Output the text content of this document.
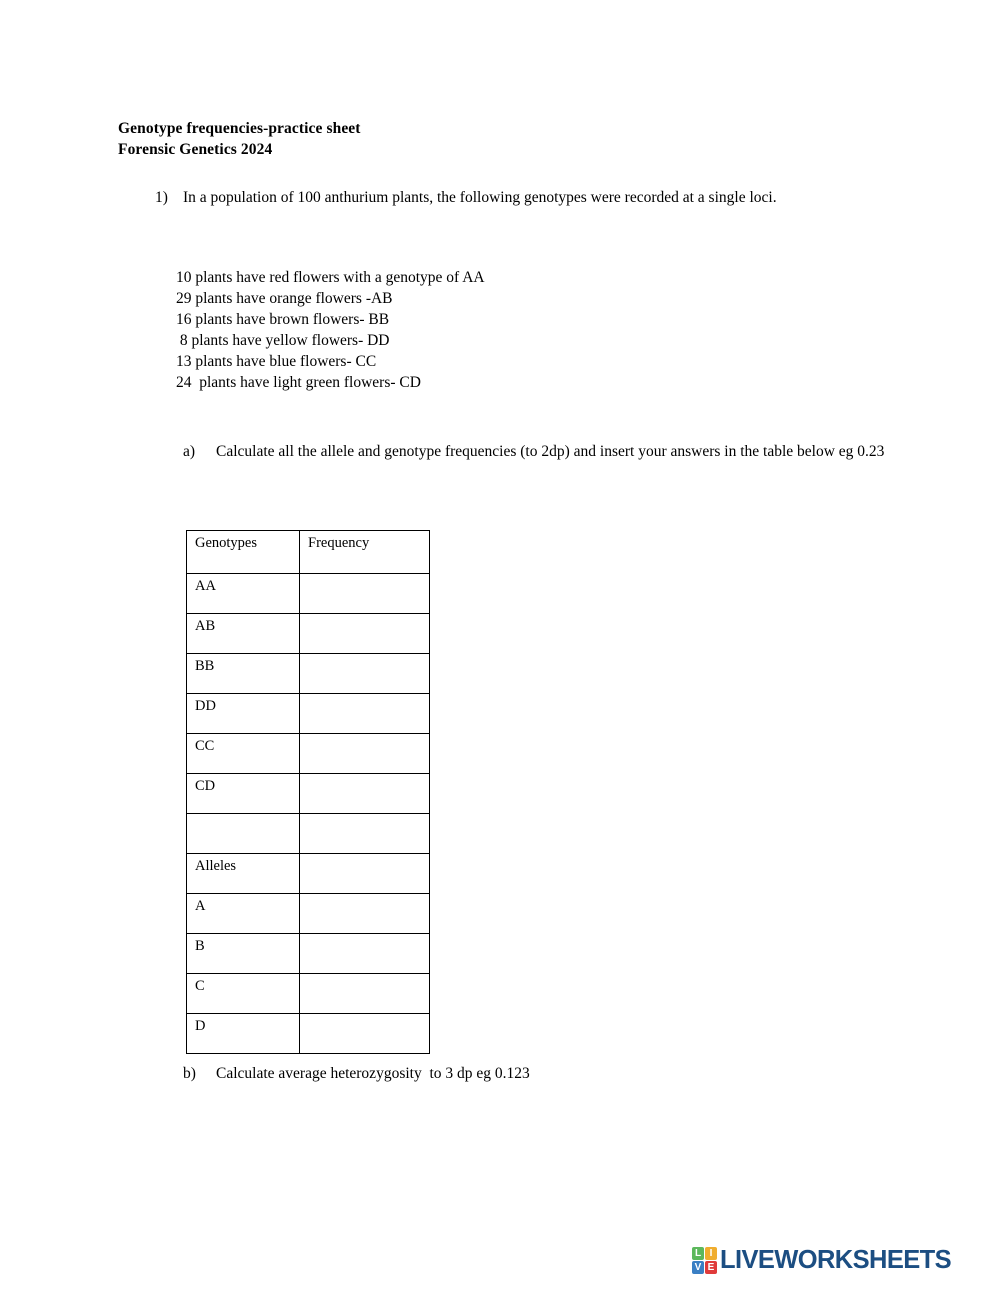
Genotype frequencies-practice sheet
Forensic Genetics 2024
1) In a population of 100 anthurium plants, the following genotypes were recorded at a single loci.
10 plants have red flowers with a genotype of AA
29 plants have orange flowers -AB
16 plants have brown flowers- BB
8 plants have yellow flowers- DD
13 plants have blue flowers- CC
24  plants have light green flowers- CD
a) Calculate all the allele and genotype frequencies (to 2dp) and insert your answers in the table below eg 0.23
Genotypes	Frequency
AA	
AB	
BB	
DD	
CC	
CD	

Alleles	
A	
B	
C	
D	
b) Calculate average heterozygosity  to 3 dp eg 0.123
L I
V E LIVEWORKSHEETS
